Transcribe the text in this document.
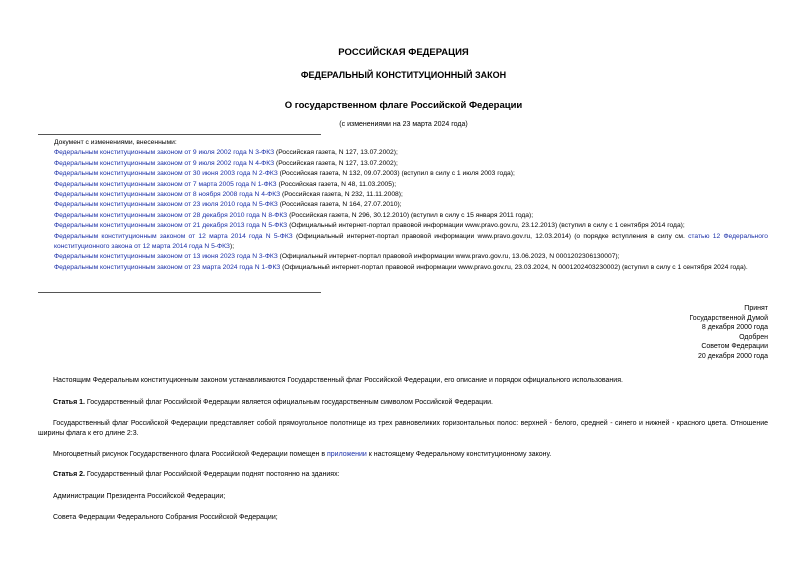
РОССИЙСКАЯ ФЕДЕРАЦИЯ
ФЕДЕРАЛЬНЫЙ КОНСТИТУЦИОННЫЙ ЗАКОН
О государственном флаге Российской Федерации
(с изменениями на 23 марта 2024 года)
Документ с изменениями, внесенными:
Федеральным конституционным законом от 9 июля 2002 года N 3-ФКЗ (Российская газета, N 127, 13.07.2002);
Федеральным конституционным законом от 9 июля 2002 года N 4-ФКЗ (Российская газета, N 127, 13.07.2002);
Федеральным конституционным законом от 30 июня 2003 года N 2-ФКЗ (Российская газета, N 132, 09.07.2003) (вступил в силу с 1 июля 2003 года);
Федеральным конституционным законом от 7 марта 2005 года N 1-ФКЗ (Российская газета, N 48, 11.03.2005);
Федеральным конституционным законом от 8 ноября 2008 года N 4-ФКЗ (Российская газета, N 232, 11.11.2008);
Федеральным конституционным законом от 23 июля 2010 года N 5-ФКЗ (Российская газета, N 164, 27.07.2010);
Федеральным конституционным законом от 28 декабря 2010 года N 8-ФКЗ (Российская газета, N 296, 30.12.2010) (вступил в силу с 15 января 2011 года);
Федеральным конституционным законом от 21 декабря 2013 года N 5-ФКЗ (Официальный интернет-портал правовой информации www.pravo.gov.ru, 23.12.2013) (вступил в силу с 1 сентября 2014 года);
Федеральным конституционным законом от 12 марта 2014 года N 5-ФКЗ (Официальный интернет-портал правовой информации www.pravo.gov.ru, 12.03.2014) (о порядке вступления в силу см. статью 12 Федерального конституционного закона от 12 марта 2014 года N 5-ФКЗ);
Федеральным конституционным законом от 13 июня 2023 года N 3-ФКЗ (Официальный интернет-портал правовой информации www.pravo.gov.ru, 13.06.2023, N 0001202306130007);
Федеральным конституционным законом от 23 марта 2024 года N 1-ФКЗ (Официальный интернет-портал правовой информации www.pravo.gov.ru, 23.03.2024, N 0001202403230002) (вступил в силу с 1 сентября 2024 года).
Принят
Государственной Думой
8 декабря 2000 года
Одобрен
Советом Федерации
20 декабря 2000 года
Настоящим Федеральным конституционным законом устанавливаются Государственный флаг Российской Федерации, его описание и порядок официального использования.
Статья 1. Государственный флаг Российской Федерации является официальным государственным символом Российской Федерации.
Государственный флаг Российской Федерации представляет собой прямоугольное полотнище из трех равновеликих горизонтальных полос: верхней - белого, средней - синего и нижней - красного цвета. Отношение ширины флага к его длине 2:3.
Многоцветный рисунок Государственного флага Российской Федерации помещен в приложении к настоящему Федеральному конституционному закону.
Статья 2. Государственный флаг Российской Федерации поднят постоянно на зданиях:
Администрации Президента Российской Федерации;
Совета Федерации Федерального Собрания Российской Федерации;
